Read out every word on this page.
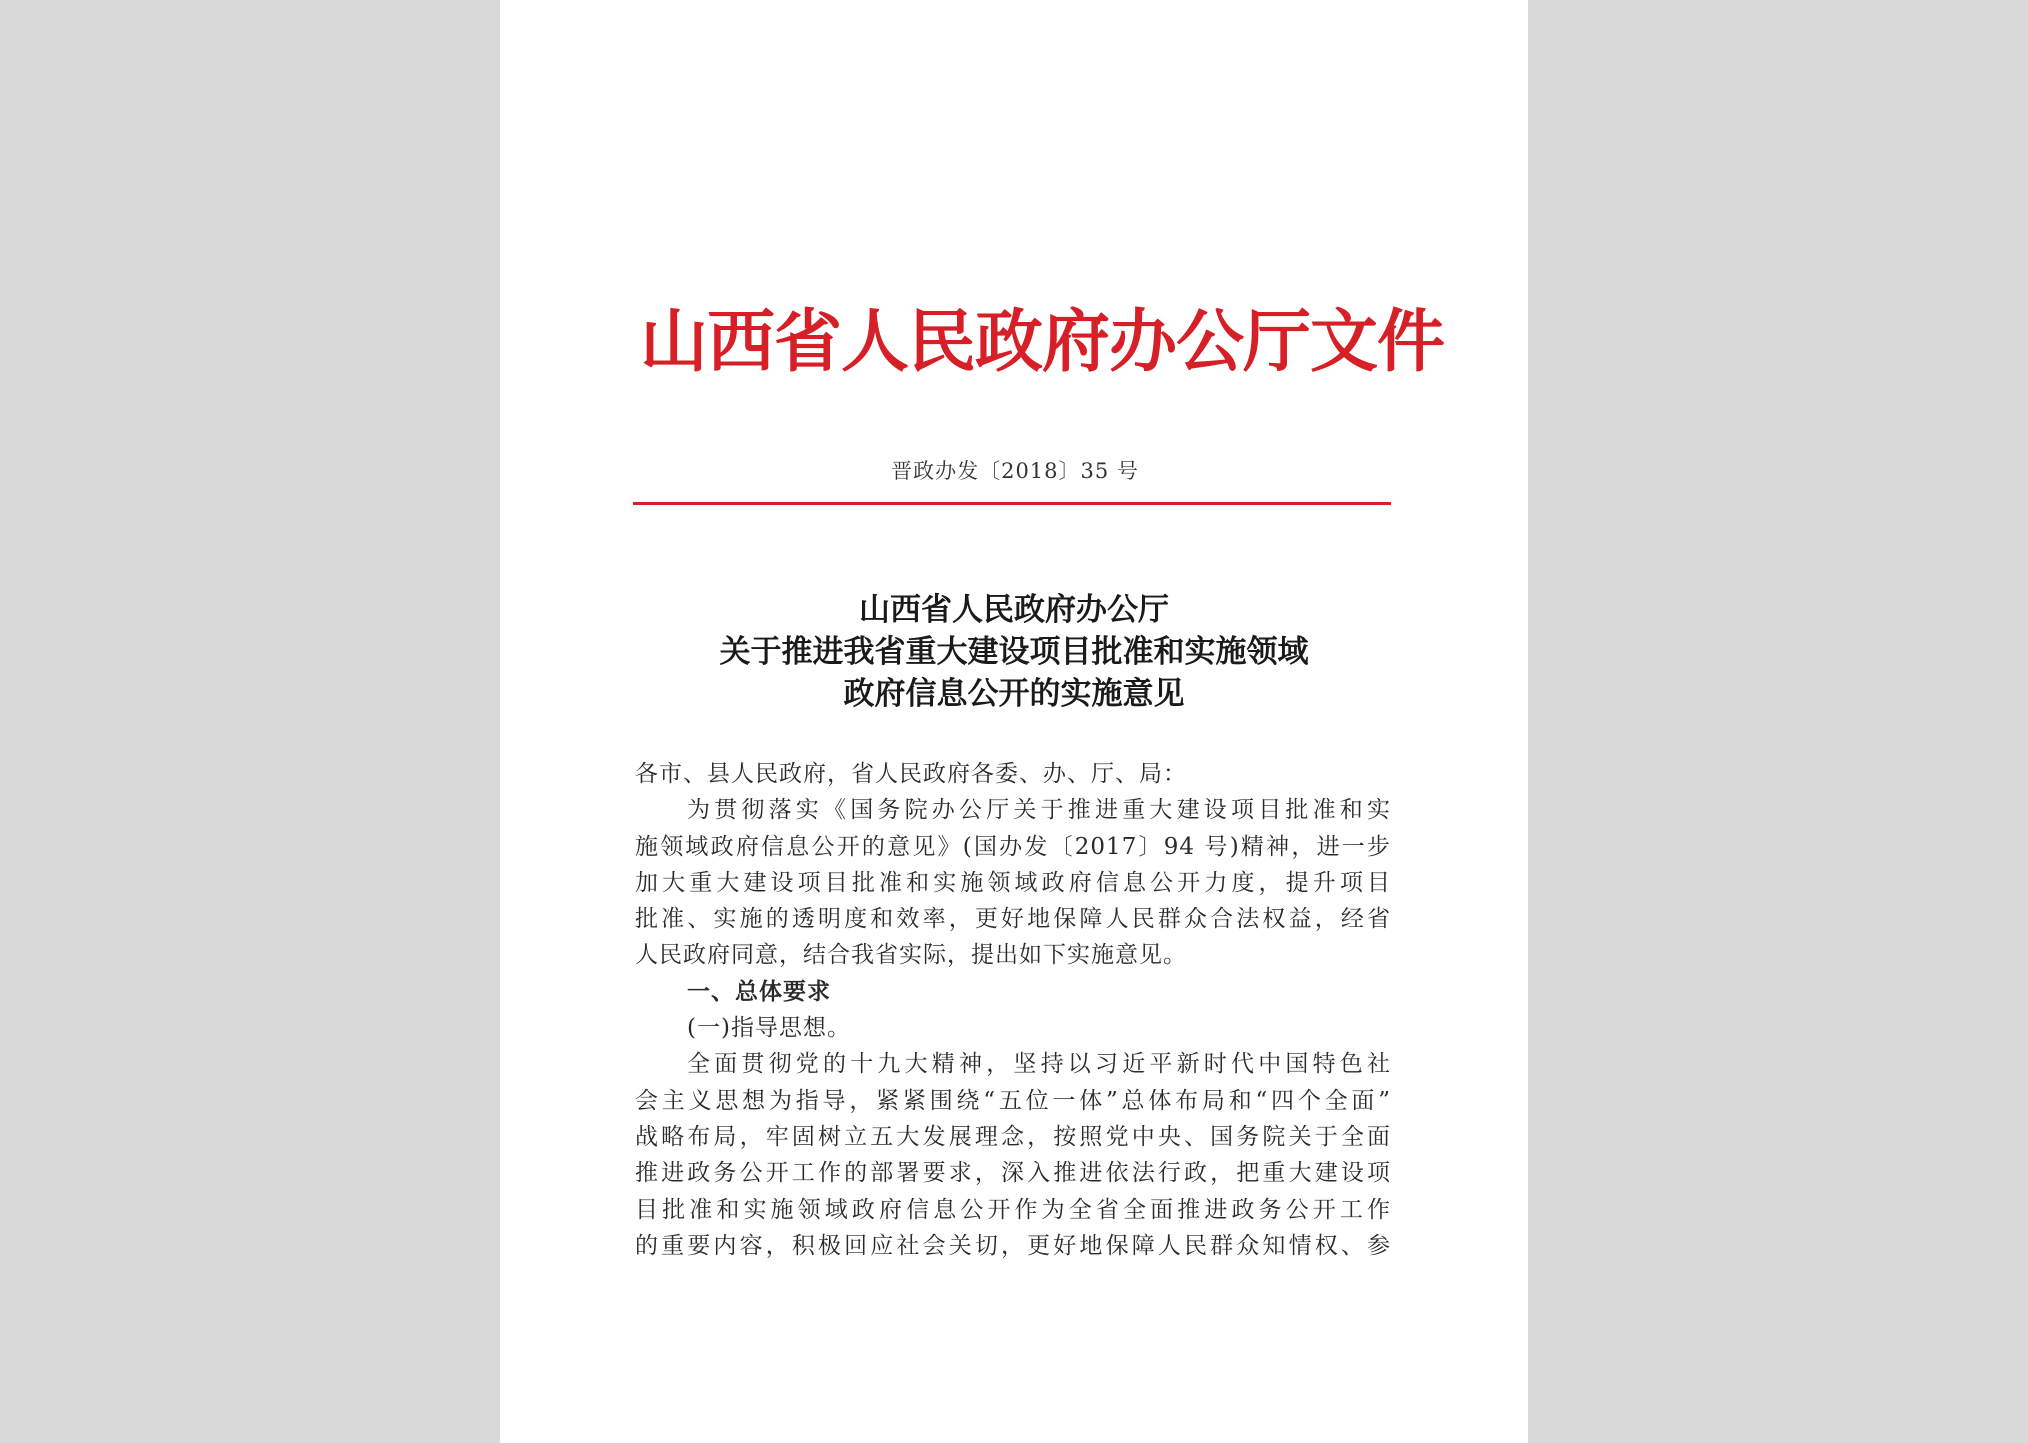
山西省人民政府办公厅文件
晋政办发〔2018〕35 号
山西省人民政府办公厅
关于推进我省重大建设项目批准和实施领域
政府信息公开的实施意见
各市、县人民政府，省人民政府各委、办、厅、局：
为贯彻落实《国务院办公厅关于推进重大建设项目批准和实
施领域政府信息公开的意见》(国办发〔2017〕94 号)精神，进一步
加大重大建设项目批准和实施领域政府信息公开力度，提升项目
批准、实施的透明度和效率，更好地保障人民群众合法权益，经省
人民政府同意，结合我省实际，提出如下实施意见。
一、总体要求
(一)指导思想。
全面贯彻党的十九大精神，坚持以习近平新时代中国特色社
会主义思想为指导，紧紧围绕“五位一体”总体布局和“四个全面”
战略布局，牢固树立五大发展理念，按照党中央、国务院关于全面
推进政务公开工作的部署要求，深入推进依法行政，把重大建设项
目批准和实施领域政府信息公开作为全省全面推进政务公开工作
的重要内容，积极回应社会关切，更好地保障人民群众知情权、参
